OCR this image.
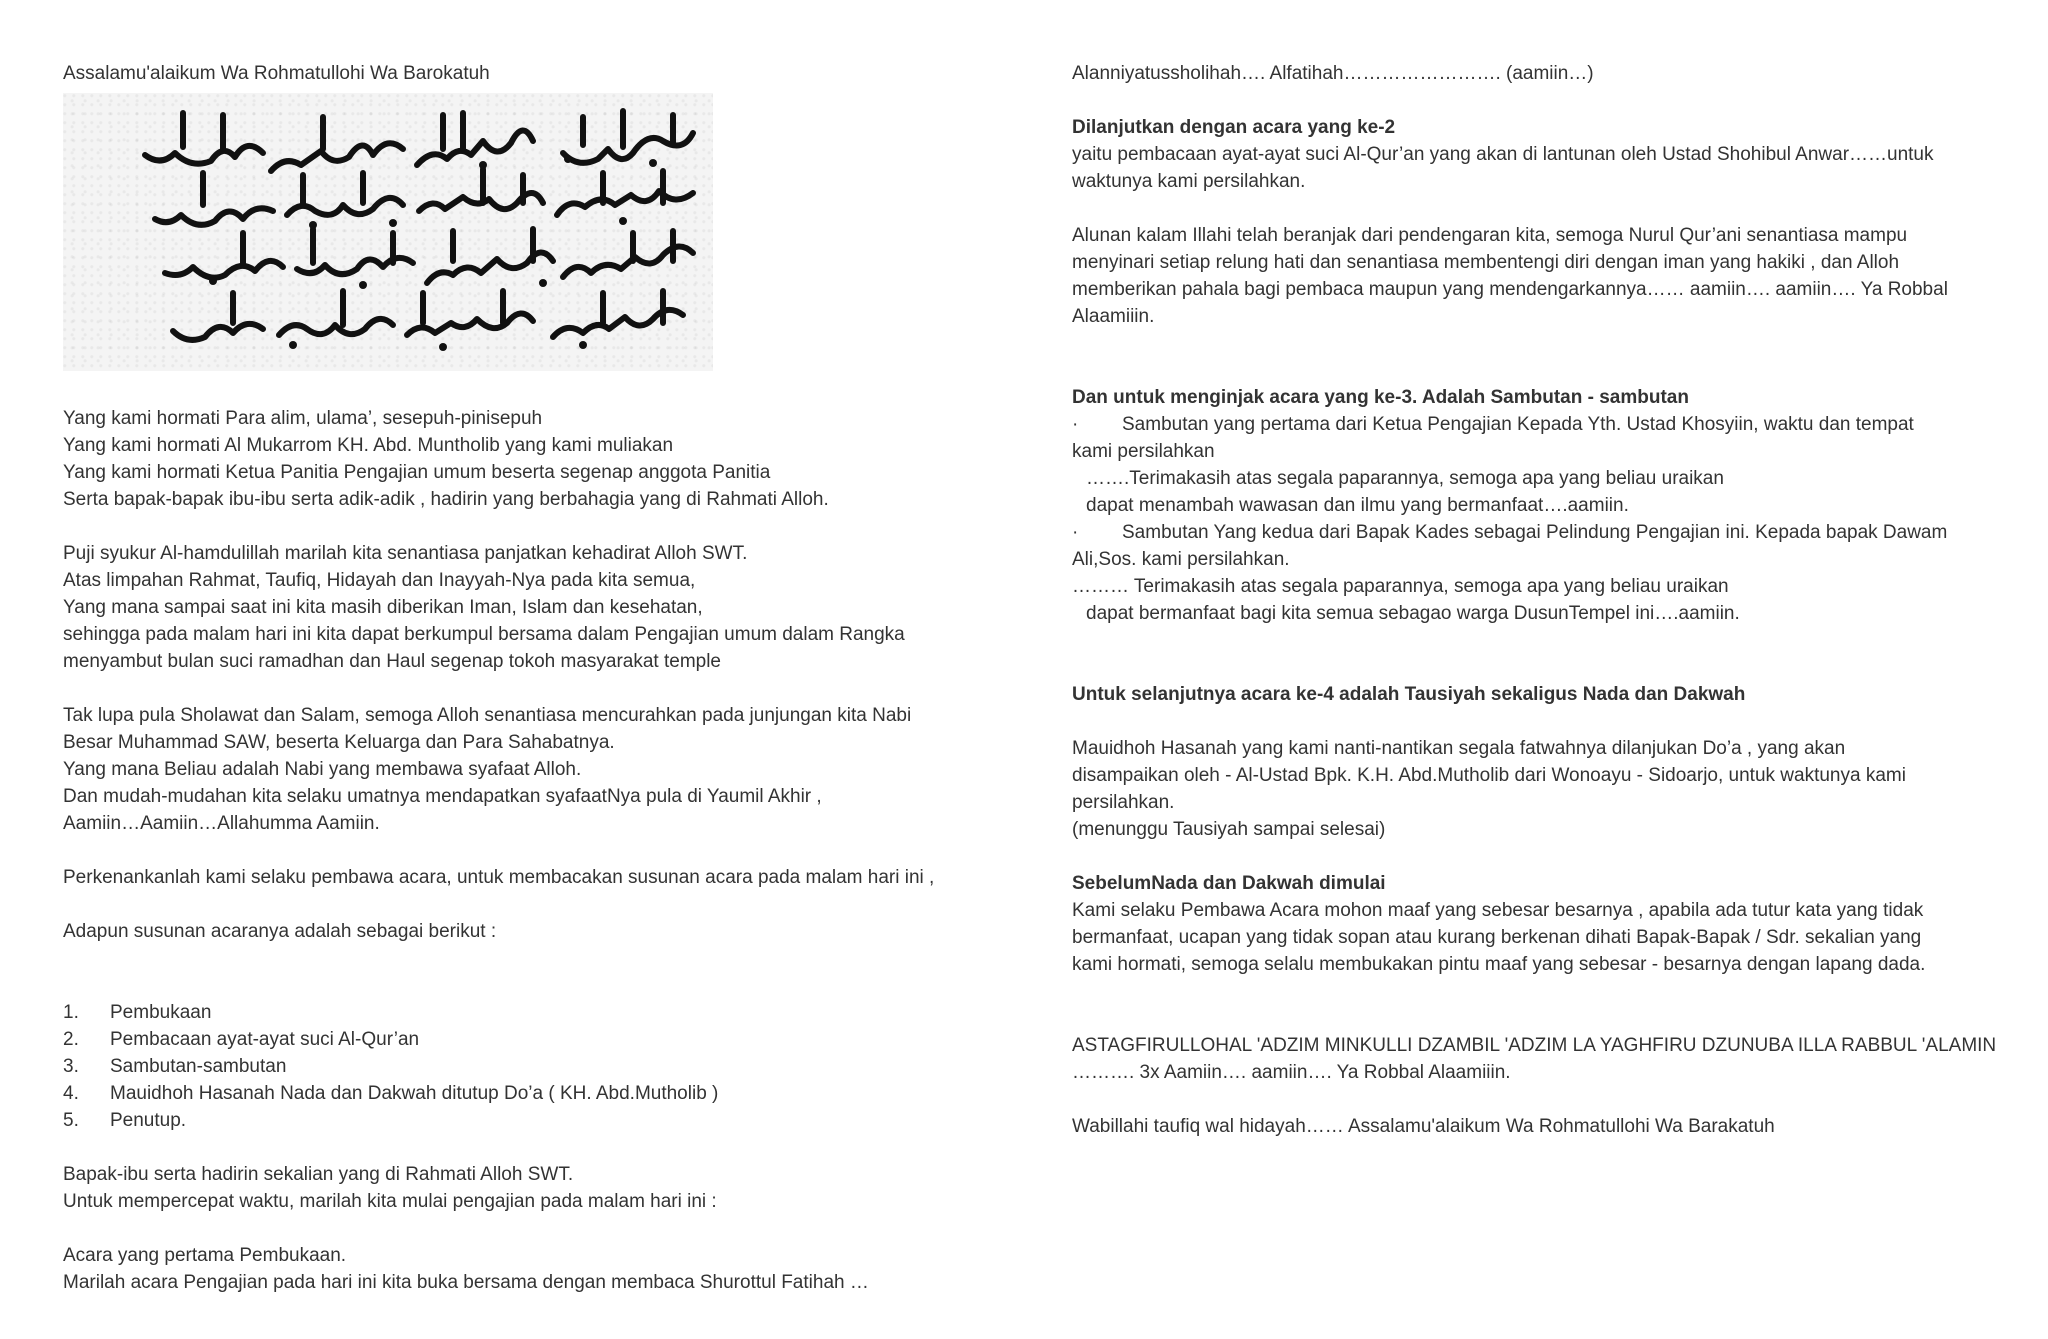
Assalamu'alaikum Wa Rohmatullohi Wa Barokatuh

Yang kami hormati Para alim, ulama’, sesepuh-pinisepuh

Yang kami hormati Al Mukarrom KH. Abd. Muntholib yang kami muliakan

Yang kami hormati Ketua Panitia Pengajian umum beserta segenap anggota Panitia

Serta bapak-bapak ibu-ibu serta adik-adik , hadirin yang berbahagia yang di Rahmati Alloh.

Puji syukur Al-hamdulillah marilah kita senantiasa panjatkan kehadirat Alloh SWT.

Atas limpahan Rahmat, Taufiq, Hidayah dan Inayyah-Nya pada kita semua,

Yang mana sampai saat ini kita masih diberikan Iman, Islam dan kesehatan,

sehingga pada malam hari ini kita dapat berkumpul bersama dalam Pengajian umum dalam Rangka

menyambut bulan suci ramadhan dan Haul segenap tokoh masyarakat temple

Tak lupa pula Sholawat dan Salam, semoga Alloh senantiasa mencurahkan pada junjungan kita Nabi

Besar Muhammad SAW, beserta Keluarga dan Para Sahabatnya.

Yang mana Beliau adalah Nabi yang membawa syafaat Alloh.

Dan mudah-mudahan kita selaku umatnya mendapatkan syafaatNya pula di Yaumil Akhir ,

Aamiin…Aamiin…Allahumma Aamiin.

Perkenankanlah kami selaku pembawa acara, untuk membacakan susunan acara pada malam hari ini ,

Adapun susunan acaranya adalah sebagai berikut :

1.	Pembukaan
2.	Pembacaan ayat-ayat suci Al-Qur’an
3.	Sambutan-sambutan
4.	Mauidhoh Hasanah Nada dan Dakwah ditutup Do’a ( KH. Abd.Mutholib )
5.	Penutup.

Bapak-ibu serta hadirin sekalian yang di Rahmati Alloh SWT.

Untuk mempercepat waktu, marilah kita mulai pengajian pada malam hari ini :

Acara yang pertama Pembukaan.

Marilah acara Pengajian pada hari ini kita buka bersama dengan membaca Shurottul Fatihah …

Alanniyatussholihah…. Alfatihah……………………. (aamiin…)

Dilanjutkan dengan acara yang ke-2

yaitu pembacaan ayat-ayat suci Al-Qur’an yang akan di lantunan oleh Ustad Shohibul Anwar……untuk

waktunya kami persilahkan.

Alunan kalam Illahi telah beranjak dari pendengaran kita, semoga Nurul Qur’ani senantiasa mampu

menyinari setiap relung hati dan senantiasa membentengi diri dengan iman yang hakiki , dan Alloh

memberikan pahala bagi pembaca maupun yang mendengarkannya…… aamiin…. aamiin…. Ya Robbal

Alaamiiin.

Dan untuk menginjak acara yang ke-3. Adalah Sambutan - sambutan

·	Sambutan yang pertama dari Ketua Pengajian Kepada Yth. Ustad Khosyiin, waktu dan tempat

kami persilahkan

…….Terimakasih atas segala paparannya, semoga apa yang beliau uraikan

dapat menambah wawasan dan ilmu yang bermanfaat….aamiin.

·	Sambutan Yang kedua dari Bapak Kades sebagai Pelindung Pengajian ini. Kepada bapak Dawam

Ali,Sos. kami persilahkan.

……… Terimakasih atas segala paparannya, semoga apa yang beliau uraikan

dapat bermanfaat bagi kita semua sebagao warga DusunTempel ini….aamiin.

Untuk selanjutnya acara ke-4 adalah Tausiyah sekaligus Nada dan Dakwah

Mauidhoh Hasanah yang kami nanti-nantikan segala fatwahnya dilanjukan Do’a , yang akan

disampaikan oleh - Al-Ustad Bpk. K.H. Abd.Mutholib dari Wonoayu - Sidoarjo, untuk waktunya kami

persilahkan.

(menunggu Tausiyah sampai selesai)

SebelumNada dan Dakwah dimulai

Kami selaku Pembawa Acara mohon maaf yang sebesar besarnya , apabila ada tutur kata yang tidak

bermanfaat, ucapan yang tidak sopan atau kurang berkenan dihati Bapak-Bapak / Sdr. sekalian yang

kami hormati, semoga selalu membukakan pintu maaf yang sebesar - besarnya dengan lapang dada.

ASTAGFIRULLOHAL 'ADZIM MINKULLI DZAMBIL 'ADZIM LA YAGHFIRU DZUNUBA ILLA RABBUL 'ALAMIN

………. 3x Aamiin…. aamiin…. Ya Robbal Alaamiiin.

Wabillahi taufiq wal hidayah…… Assalamu'alaikum Wa Rohmatullohi Wa Barakatuh
